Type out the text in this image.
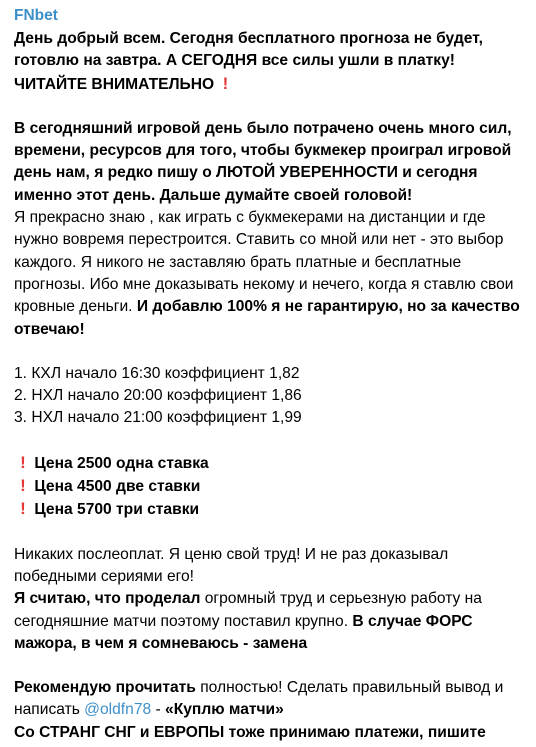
FNbet

День добрый всем. Сегодня бесплатного прогноза не будет, готовлю на завтра. А СЕГОДНЯ все силы ушли в платку!
ЧИТАЙТЕ ВНИМАТЕЛЬНО !

В сегодняшний игровой день было потрачено очень много сил, времени, ресурсов для того, чтобы букмекер проиграл игровой день нам, я редко пишу о ЛЮТОЙ УВЕРЕННОСТИ и сегодня именно этот день. Дальше думайте своей головой!
Я прекрасно знаю , как играть с букмекерами на дистанции и где нужно вовремя перестроится. Ставить со мной или нет - это выбор каждого. Я никого не заставляю брать платные и бесплатные прогнозы. Ибо мне доказывать некому и нечего, когда я ставлю свои кровные деньги. И добавлю 100% я не гарантирую, но за качество отвечаю!

1. КХЛ начало 16:30 коэффициент 1,82
2. НХЛ начало 20:00 коэффициент 1,86
3. НХЛ начало 21:00 коэффициент 1,99
! Цена 2500 одна ставка
! Цена 4500 две ставки
! Цена 5700 три ставки

Никаких послеоплат. Я ценю свой труд! И не раз доказывал победными сериями его!
Я считаю, что проделал огромный труд и серьезную работу на сегодняшние матчи поэтому поставил крупно. В случае ФОРС мажора, в чем я сомневаюсь - замена

Рекомендую прочитать полностью! Сделать правильный вывод и написать @oldfn78 - «Куплю матчи»
Со СТРАНГ СНГ и ЕВРОПЫ тоже принимаю платежи, пишите
